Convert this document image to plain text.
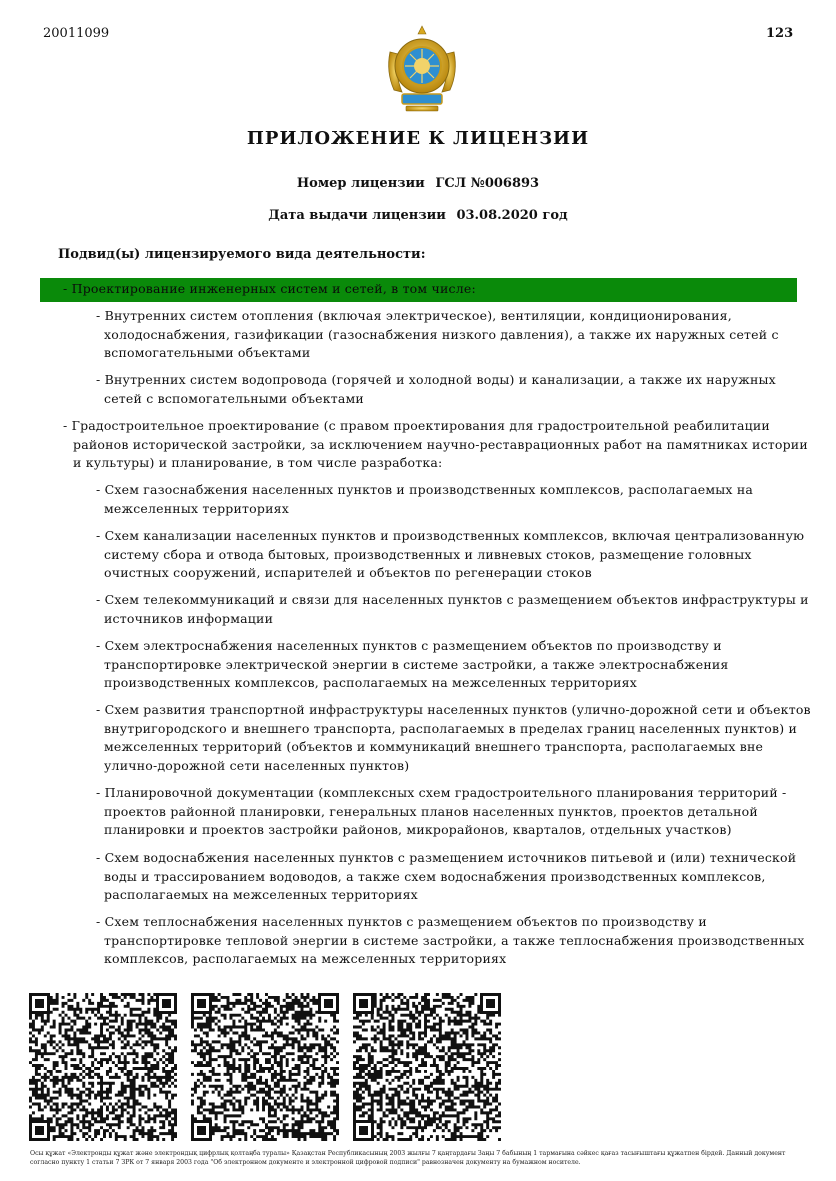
20011099	123
ПРИЛОЖЕНИЕ К ЛИЦЕНЗИИ
Номер лицензии ГСЛ №006893
Дата выдачи лицензии 03.08.2020 год
Подвид(ы) лицензируемого вида деятельности:
- Проектирование инженерных систем и сетей, в том числе:
- Внутренних систем отопления (включая электрическое), вентиляции, кондиционирования, холодоснабжения, газификации (газоснабжения низкого давления), а также их наружных сетей с вспомогательными объектами
- Внутренних систем водопровода (горячей и холодной воды) и канализации, а также их наружных сетей с вспомогательными объектами
- Градостроительное проектирование (с правом проектирования для градостроительной реабилитации районов исторической застройки, за исключением научно-реставрационных работ на памятниках истории и культуры) и планирование, в том числе разработка:
- Схем газоснабжения населенных пунктов и производственных комплексов, располагаемых на межселенных территориях
- Схем канализации населенных пунктов и производственных комплексов, включая централизованную систему сбора и отвода бытовых, производственных и ливневых стоков, размещение головных очистных сооружений, испарителей и объектов по регенерации стоков
- Схем телекоммуникаций и связи для населенных пунктов с размещением объектов инфраструктуры и источников информации
- Схем электроснабжения населенных пунктов с размещением объектов по производству и транспортировке электрической энергии в системе застройки, а также электроснабжения производственных комплексов, располагаемых на межселенных территориях
- Схем развития транспортной инфраструктуры населенных пунктов (улично-дорожной сети и объектов внутригородского и внешнего транспорта, располагаемых в пределах границ населенных пунктов) и межселенных территорий (объектов и коммуникаций внешнего транспорта, располагаемых вне улично-дорожной сети населенных пунктов)
- Планировочной документации (комплексных схем градостроительного планирования территорий - проектов районной планировки, генеральных планов населенных пунктов, проектов детальной планировки и проектов застройки районов, микрорайонов, кварталов, отдельных участков)
- Схем водоснабжения населенных пунктов с размещением источников питьевой и (или) технической воды и трассированием водоводов, а также схем водоснабжения производственных комплексов, располагаемых на межселенных территориях
- Схем теплоснабжения населенных пунктов с размещением объектов по производству и транспортировке тепловой энергии в системе застройки, а также теплоснабжения производственных комплексов, располагаемых на межселенных территориях
Осы құжат «Электронды құжат және электрондық цифрлық қолтаңба туралы» Қазақстан Республикасының 2003 жылғы 7 қаңтардағы Заңы 7 бабының 1 тармағына сәйкес қағаз тасығыштағы құжатпен бірдей. Данный документ согласно пункту 1 статьи 7 ЗРК от 7 января 2003 года "Об электронном документе и электронной цифровой подписи" равнозначен документу на бумажном носителе.
